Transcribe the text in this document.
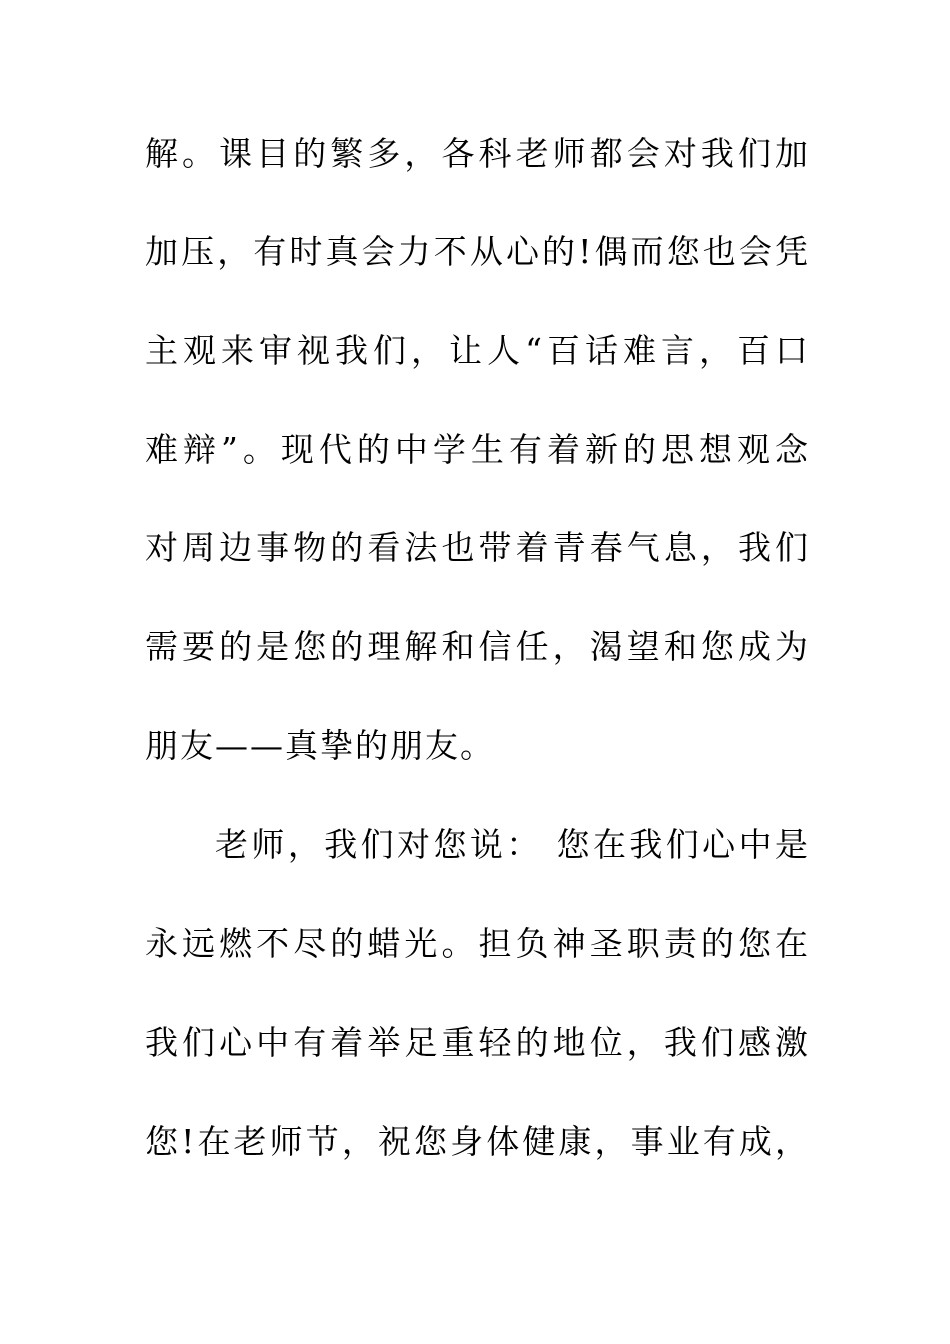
解。课目的繁多，各科老师都会对我们加
加压，有时真会力不从心的!偶而您也会凭
主观来审视我们，让人“百话难言，百口
难辩”。现代的中学生有着新的思想观念
对周边事物的看法也带着青春气息，我们
需要的是您的理解和信任，渴望和您成为
朋友——真挚的朋友。
老师，我们对您说： 您在我们心中是
永远燃不尽的蜡光。担负神圣职责的您在
我们心中有着举足重轻的地位，我们感激
您!在老师节，祝您身体健康，事业有成，
